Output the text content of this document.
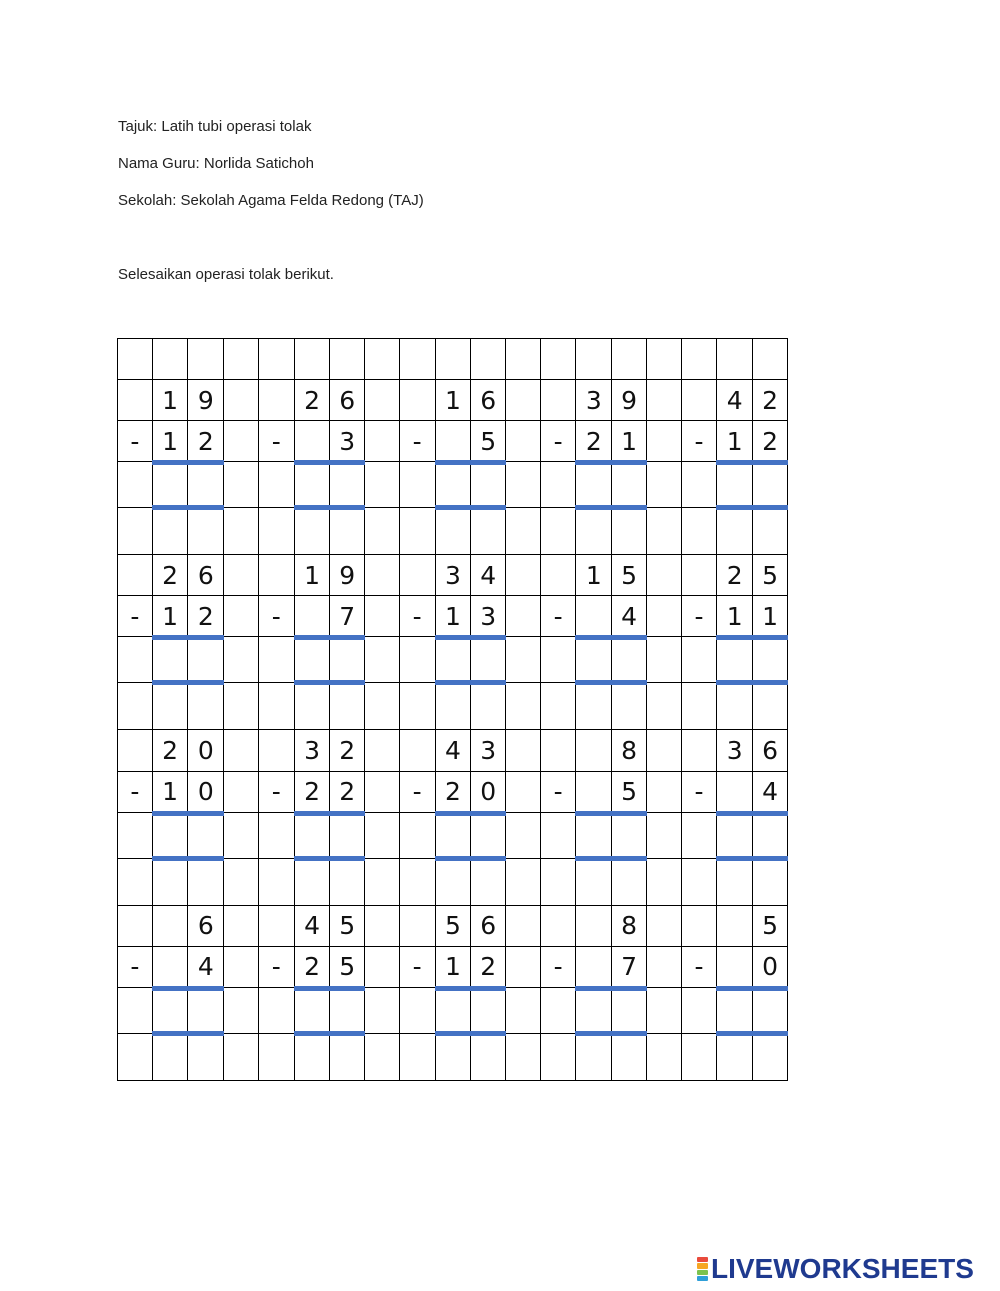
Tajuk: Latih tubi operasi tolak
Nama Guru: Norlida Satichoh
Sekolah: Sekolah Agama Felda Redong (TAJ)
Selesaikan operasi tolak berikut.

	1	9			2	6			1	6			3	9			4	2
-	1	2		-		3		-		5		-	2	1		-	1	2

	2	6			1	9			3	4			1	5			2	5
-	1	2		-		7		-	1	3		-		4		-	1	1

	2	0			3	2			4	3				8			3	6
-	1	0		-	2	2		-	2	0		-		5		-		4

		6			4	5			5	6				8				5
-		4		-	2	5		-	1	2		-		7		-		0

LIVEWORKSHEETS
